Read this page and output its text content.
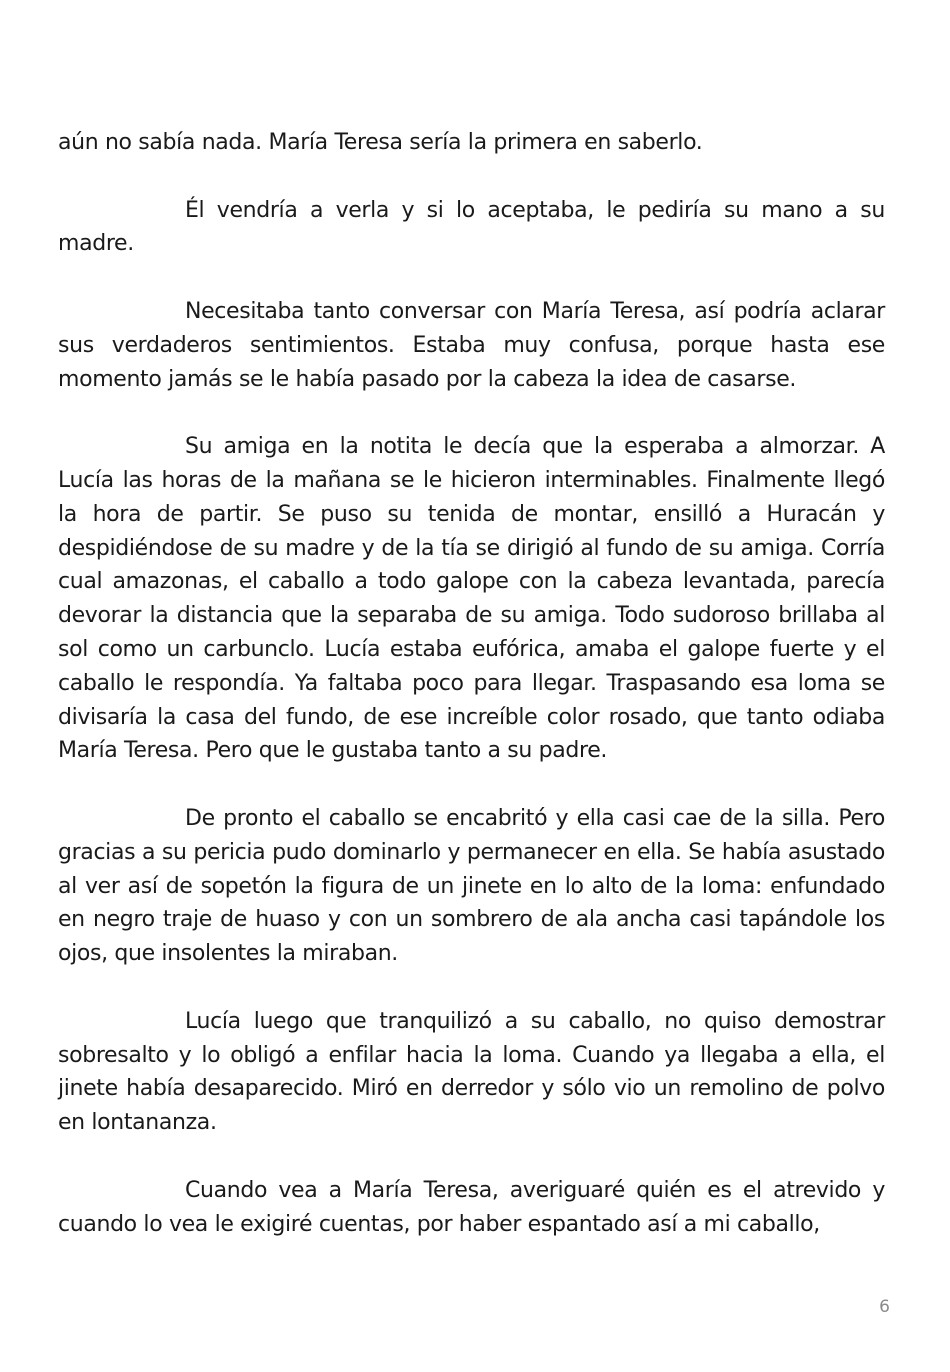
aún no sabía nada. María Teresa sería la primera en saberlo.

Él vendría a verla y si lo aceptaba, le pediría su mano a su madre.

Necesitaba tanto conversar con María Teresa, así podría aclarar sus verdaderos sentimientos. Estaba muy confusa, porque hasta ese momento jamás se le había pasado por la cabeza la idea de casarse.

Su amiga en la notita le decía que la esperaba a almorzar. A Lucía las horas de la mañana se le hicieron interminables. Finalmente llegó la hora de partir. Se puso su tenida de montar, ensilló a Huracán y despidiéndose de su madre y de la tía se dirigió al fundo de su amiga. Corría cual amazonas, el caballo a todo galope con la cabeza levantada, parecía devorar la distancia que la separaba de su amiga. Todo sudoroso brillaba al sol como un carbunclo. Lucía estaba eufórica, amaba el galope fuerte y el caballo le respondía. Ya faltaba poco para llegar. Traspasando esa loma se divisaría la casa del fundo, de ese increíble color rosado, que tanto odiaba María Teresa. Pero que le gustaba tanto a su padre.

De pronto el caballo se encabritó y ella casi cae de la silla. Pero gracias a su pericia pudo dominarlo y permanecer en ella. Se había asustado al ver así de sopetón la figura de un jinete en lo alto de la loma: enfundado en negro traje de huaso y con un sombrero de ala ancha casi tapándole los ojos, que insolentes la miraban.

Lucía luego que tranquilizó a su caballo, no quiso demostrar sobresalto y lo obligó a enfilar hacia la loma. Cuando ya llegaba a ella, el jinete había desaparecido. Miró en derredor y sólo vio un remolino de polvo en lontananza.

Cuando vea a María Teresa, averiguaré quién es el atrevido y cuando lo vea le exigiré cuentas, por haber espantado así a mi caballo,

6
